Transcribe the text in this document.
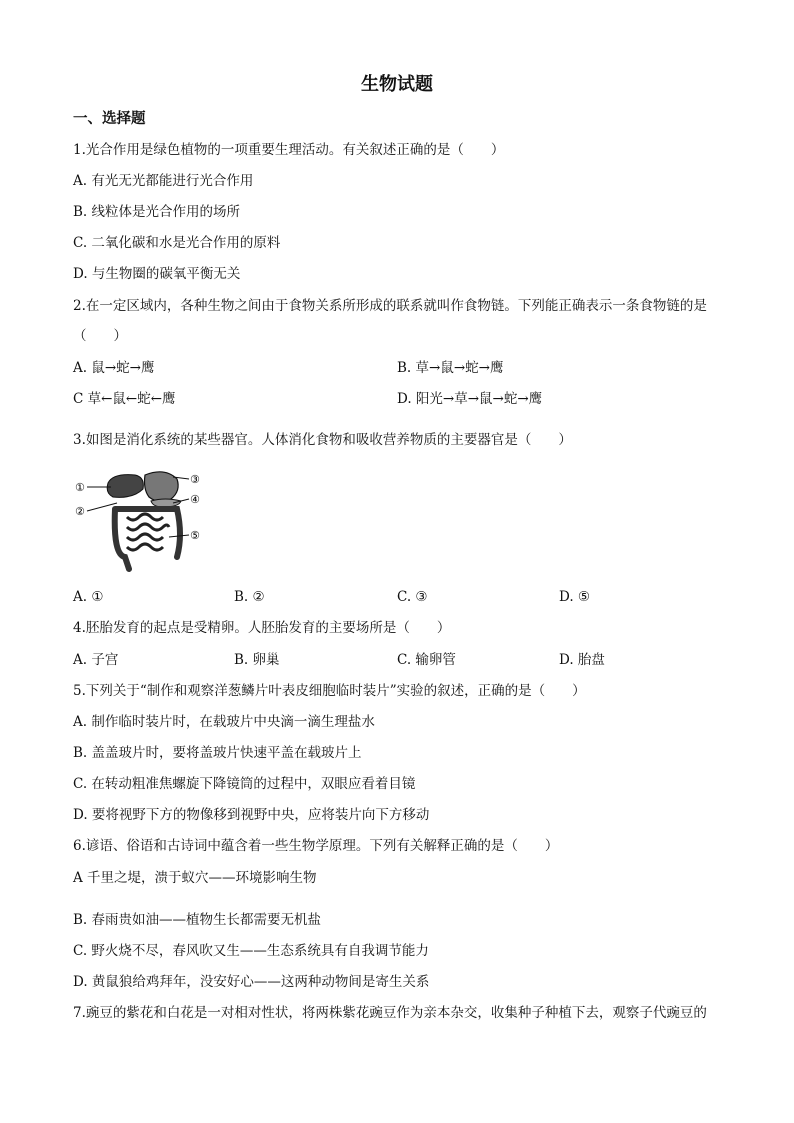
生物试题
一、选择题
1.光合作用是绿色植物的一项重要生理活动。有关叙述正确的是（　　）
A. 有光无光都能进行光合作用
B. 线粒体是光合作用的场所
C. 二氧化碳和水是光合作用的原料
D. 与生物圈的碳氧平衡无关
2.在一定区域内，各种生物之间由于食物关系所形成的联系就叫作食物链。下列能正确表示一条食物链的是
（　　）
A. 鼠→蛇→鹰	B. 草→鼠→蛇→鹰
C 草←鼠←蛇←鹰	D. 阳光→草→鼠→蛇→鹰
3.如图是消化系统的某些器官。人体消化食物和吸收营养物质的主要器官是（　　）
①
②
③
④
⑤
A. ①	B. ②	C. ③	D. ⑤
4.胚胎发育的起点是受精卵。人胚胎发育的主要场所是（　　）
A. 子宫	B. 卵巢	C. 输卵管	D. 胎盘
5.下列关于“制作和观察洋葱鳞片叶表皮细胞临时装片”实验的叙述，正确的是（　　）
A. 制作临时装片时，在载玻片中央滴一滴生理盐水
B. 盖盖玻片时，要将盖玻片快速平盖在载玻片上
C. 在转动粗准焦螺旋下降镜筒的过程中，双眼应看着目镜
D. 要将视野下方的物像移到视野中央，应将装片向下方移动
6.谚语、俗语和古诗词中蕴含着一些生物学原理。下列有关解释正确的是（　　）
A 千里之堤，溃于蚁穴——环境影响生物
B. 春雨贵如油——植物生长都需要无机盐
C. 野火烧不尽，春风吹又生——生态系统具有自我调节能力
D. 黄鼠狼给鸡拜年，没安好心——这两种动物间是寄生关系
7.豌豆的紫花和白花是一对相对性状，将两株紫花豌豆作为亲本杂交，收集种子种植下去，观察子代豌豆的
